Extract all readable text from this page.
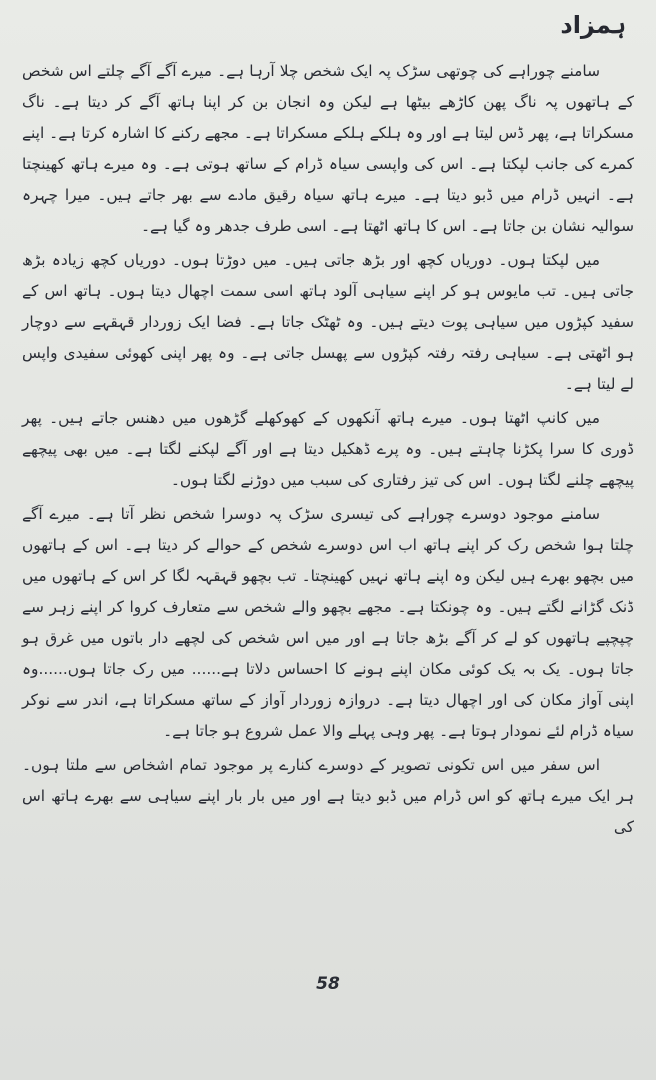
ہمزاد

سامنے چوراہے کی چوتھی سڑک پہ ایک شخص چلا آرہا ہے۔ میرے آگے آگے چلتے اس شخص کے ہاتھوں پہ ناگ پھن کاڑھے بیٹھا ہے لیکن وہ انجان بن کر اپنا ہاتھ آگے کر دیتا ہے۔ ناگ مسکراتا ہے، پھر ڈس لیتا ہے اور وہ ہلکے ہلکے مسکراتا ہے۔ مجھے رکنے کا اشارہ کرتا ہے۔ اپنے کمرے کی جانب لپکتا ہے۔ اس کی واپسی سیاہ ڈرام کے ساتھ ہوتی ہے۔ وہ میرے ہاتھ کھینچتا ہے۔ انہیں ڈرام میں ڈبو دیتا ہے۔ میرے ہاتھ سیاہ رقیق مادے سے بھر جاتے ہیں۔ میرا چہرہ سوالیہ نشان بن جاتا ہے۔ اس کا ہاتھ اٹھتا ہے۔ اسی طرف جدھر وہ گیا ہے۔

میں لپکتا ہوں۔ دوریاں کچھ اور بڑھ جاتی ہیں۔ میں دوڑتا ہوں۔ دوریاں کچھ زیادہ بڑھ جاتی ہیں۔ تب مایوس ہو کر اپنے سیاہی آلود ہاتھ اسی سمت اچھال دیتا ہوں۔ ہاتھ اس کے سفید کپڑوں میں سیاہی پوت دیتے ہیں۔ وہ ٹھٹک جاتا ہے۔ فضا ایک زوردار قہقہے سے دوچار ہو اٹھتی ہے۔ سیاہی رفتہ رفتہ کپڑوں سے پھسل جاتی ہے۔ وہ پھر اپنی کھوئی سفیدی واپس لے لیتا ہے۔

میں کانپ اٹھتا ہوں۔ میرے ہاتھ آنکھوں کے کھوکھلے گڑھوں میں دھنس جاتے ہیں۔ پھر ڈوری کا سرا پکڑنا چاہتے ہیں۔ وہ پرے ڈھکیل دیتا ہے اور آگے لپکنے لگتا ہے۔ میں بھی پیچھے پیچھے چلنے لگتا ہوں۔ اس کی تیز رفتاری کی سبب میں دوڑنے لگتا ہوں۔

سامنے موجود دوسرے چوراہے کی تیسری سڑک پہ دوسرا شخص نظر آتا ہے۔ میرے آگے چلتا ہوا شخص رک کر اپنے ہاتھ اب اس دوسرے شخص کے حوالے کر دیتا ہے۔ اس کے ہاتھوں میں بچھو بھرے ہیں لیکن وہ اپنے ہاتھ نہیں کھینچتا۔ تب بچھو قہقہہ لگا کر اس کے ہاتھوں میں ڈنک گڑانے لگتے ہیں۔ وہ چونکتا ہے۔ مجھے بچھو والے شخص سے متعارف کروا کر اپنے زہر سے چپچپے ہاتھوں کو لے کر آگے بڑھ جاتا ہے اور میں اس شخص کی لچھے دار باتوں میں غرق ہو جاتا ہوں۔ یک بہ یک کوئی مکان اپنے ہونے کا احساس دلاتا ہے...... میں رک جاتا ہوں......وہ اپنی آواز مکان کی اور اچھال دیتا ہے۔ دروازہ زوردار آواز کے ساتھ مسکراتا ہے، اندر سے نوکر سیاہ ڈرام لئے نمودار ہوتا ہے۔ پھر وہی پہلے والا عمل شروع ہو جاتا ہے۔

اس سفر میں اس تکونی تصویر کے دوسرے کنارے پر موجود تمام اشخاص سے ملتا ہوں۔ ہر ایک میرے ہاتھ کو اس ڈرام میں ڈبو دیتا ہے اور میں بار بار اپنے سیاہی سے بھرے ہاتھ اس کی

58
